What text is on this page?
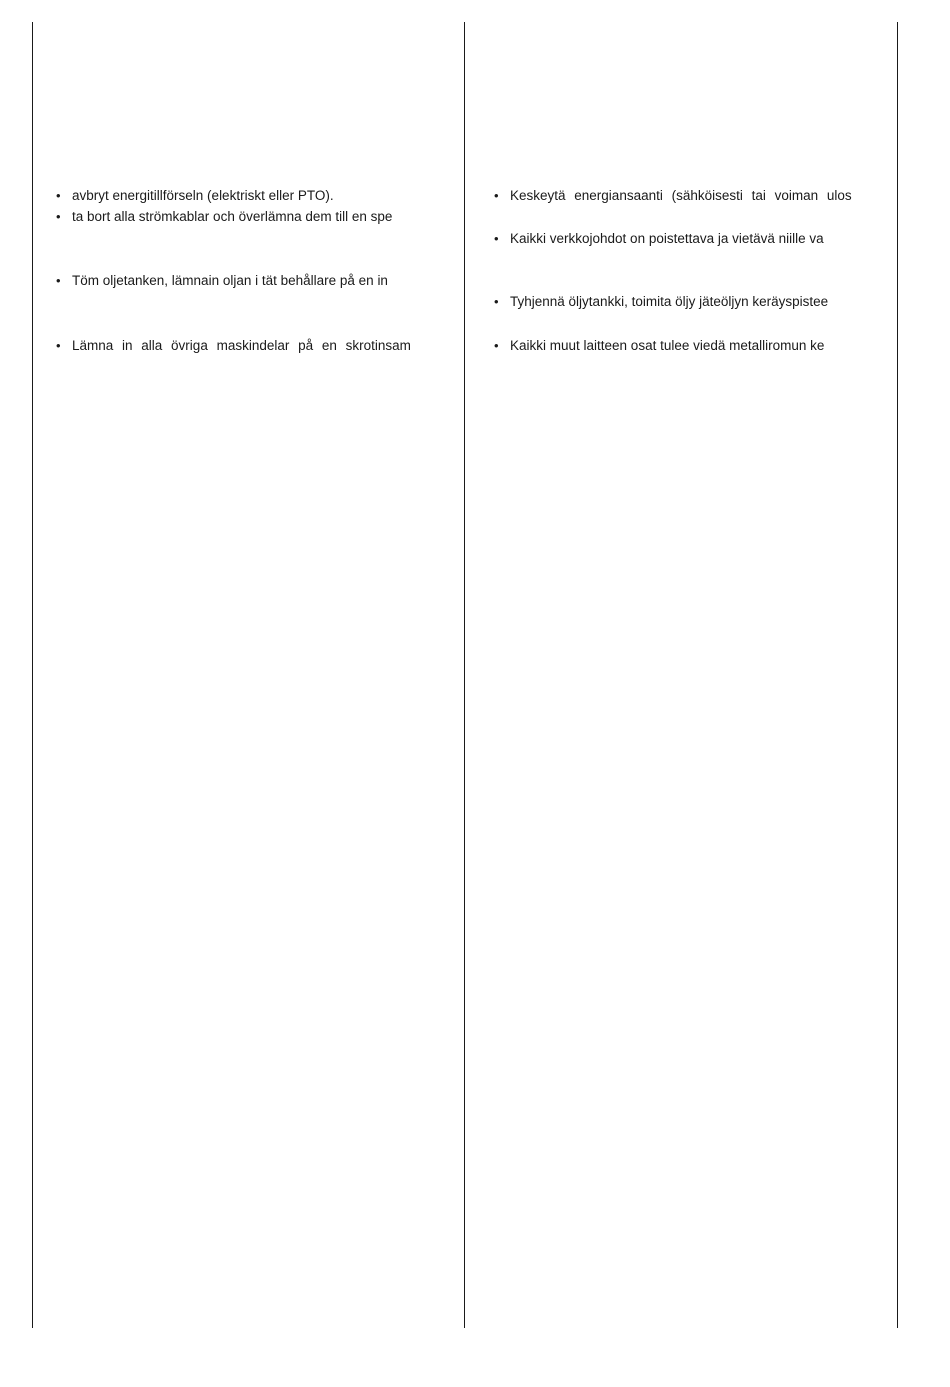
• avbryt energitillförseln (elektriskt eller PTO).
• ta bort alla strömkablar och överlämna dem till en spe
• Töm oljetanken, lämnain oljan i tät behållare på en in
• Lämna in alla övriga maskindelar på en skrotinsam
• Keskeytä energiansaanti (sähköisesti tai voiman ulos
• Kaikki verkkojohdot on poistettava ja vietävä niille va
• Tyhjennä öljytankki, toimita öljy jäteöljyn keräyspistee
• Kaikki muut laitteen osat tulee viedä metalliromun ke
